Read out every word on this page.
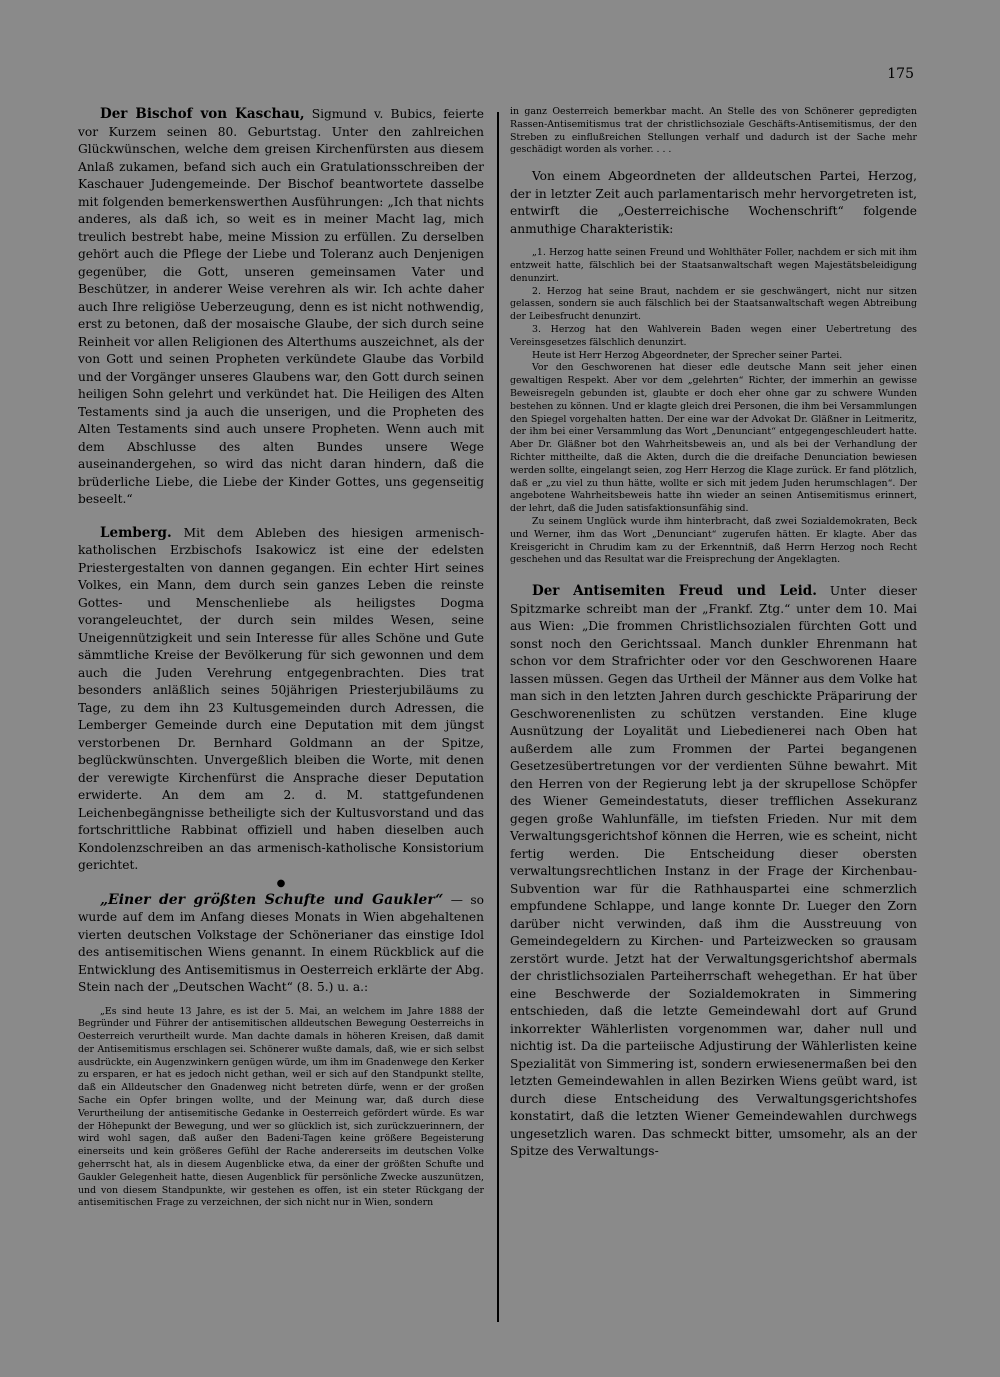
175

Der Bischof von Kaschau, Sigmund v. Bubics, feierte vor Kurzem seinen 80. Geburtstag. Unter den zahlreichen Glückwünschen, welche dem greisen Kirchenfürsten aus diesem Anlaß zukamen, befand sich auch ein Gratulationsschreiben der Kaschauer Judengemeinde. Der Bischof beantwortete dasselbe mit folgenden bemerkenswerthen Ausführungen: „Ich that nichts anderes, als daß ich, so weit es in meiner Macht lag, mich treulich bestrebt habe, meine Mission zu erfüllen. Zu derselben gehört auch die Pflege der Liebe und Toleranz auch Denjenigen gegenüber, die Gott, unseren gemeinsamen Vater und Beschützer, in anderer Weise verehren als wir. Ich achte daher auch Ihre religiöse Ueberzeugung, denn es ist nicht nothwendig, erst zu betonen, daß der mosaische Glaube, der sich durch seine Reinheit vor allen Religionen des Alterthums auszeichnet, als der von Gott und seinen Propheten verkündete Glaube das Vorbild und der Vorgänger unseres Glaubens war, den Gott durch seinen heiligen Sohn gelehrt und verkündet hat. Die Heiligen des Alten Testaments sind ja auch die unserigen, und die Propheten des Alten Testaments sind auch unsere Propheten. Wenn auch mit dem Abschlusse des alten Bundes unsere Wege auseinandergehen, so wird das nicht daran hindern, daß die brüderliche Liebe, die Liebe der Kinder Gottes, uns gegenseitig beseelt.“

Lemberg. Mit dem Ableben des hiesigen armenisch-katholischen Erzbischofs Isakowicz ist eine der edelsten Priestergestalten von dannen gegangen. Ein echter Hirt seines Volkes, ein Mann, dem durch sein ganzes Leben die reinste Gottes- und Menschenliebe als heiligstes Dogma vorangeleuchtet, der durch sein mildes Wesen, seine Uneigennützigkeit und sein Interesse für alles Schöne und Gute sämmtliche Kreise der Bevölkerung für sich gewonnen und dem auch die Juden Verehrung entgegenbrachten. Dies trat besonders anläßlich seines 50jährigen Priesterjubiläums zu Tage, zu dem ihn 23 Kultusgemeinden durch Adressen, die Lemberger Gemeinde durch eine Deputation mit dem jüngst verstorbenen Dr. Bernhard Goldmann an der Spitze, beglückwünschten. Unvergeßlich bleiben die Worte, mit denen der verewigte Kirchenfürst die Ansprache dieser Deputation erwiderte. An dem am 2. d. M. stattgefundenen Leichenbegängnisse betheiligte sich der Kultusvorstand und das fortschrittliche Rabbinat offiziell und haben dieselben auch Kondolenzschreiben an das armenisch-katholische Konsistorium gerichtet.

●

„Einer der größten Schufte und Gaukler“ — so wurde auf dem im Anfang dieses Monats in Wien abgehaltenen vierten deutschen Volkstage der Schönerianer das einstige Idol des antisemitischen Wiens genannt. In einem Rückblick auf die Entwicklung des Antisemitismus in Oesterreich erklärte der Abg. Stein nach der „Deutschen Wacht“ (8. 5.) u. a.:

„Es sind heute 13 Jahre, es ist der 5. Mai, an welchem im Jahre 1888 der Begründer und Führer der antisemitischen alldeutschen Bewegung Oesterreichs in Oesterreich verurtheilt wurde. Man dachte damals in höheren Kreisen, daß damit der Antisemitismus erschlagen sei. Schönerer wußte damals, daß, wie er sich selbst ausdrückte, ein Augenzwinkern genügen würde, um ihm im Gnadenwege den Kerker zu ersparen, er hat es jedoch nicht gethan, weil er sich auf den Standpunkt stellte, daß ein Alldeutscher den Gnadenweg nicht betreten dürfe, wenn er der großen Sache ein Opfer bringen wollte, und der Meinung war, daß durch diese Verurtheilung der antisemitische Gedanke in Oesterreich gefördert würde. Es war der Höhepunkt der Bewegung, und wer so glücklich ist, sich zurückzuerinnern, der wird wohl sagen, daß außer den Badeni-Tagen keine größere Begeisterung einerseits und kein größeres Gefühl der Rache andererseits im deutschen Volke geherrscht hat, als in diesem Augenblicke etwa, da einer der größten Schufte und Gaukler Gelegenheit hatte, diesen Augenblick für persönliche Zwecke auszunützen, und von diesem Standpunkte, wir gestehen es offen, ist ein steter Rückgang der antisemitischen Frage zu verzeichnen, der sich nicht nur in Wien, sondern

in ganz Oesterreich bemerkbar macht. An Stelle des von Schönerer gepredigten Rassen-Antisemitismus trat der christlichsoziale Geschäfts-Antisemitismus, der den Streben zu einflußreichen Stellungen verhalf und dadurch ist der Sache mehr geschädigt worden als vorher. . . .

Von einem Abgeordneten der alldeutschen Partei, Herzog, der in letzter Zeit auch parlamentarisch mehr hervorgetreten ist, entwirft die „Oesterreichische Wochenschrift“ folgende anmuthige Charakteristik:

„1. Herzog hatte seinen Freund und Wohlthäter Foller, nachdem er sich mit ihm entzweit hatte, fälschlich bei der Staatsanwaltschaft wegen Majestätsbeleidigung denunzirt.

2. Herzog hat seine Braut, nachdem er sie geschwängert, nicht nur sitzen gelassen, sondern sie auch fälschlich bei der Staatsanwaltschaft wegen Abtreibung der Leibesfrucht denunzirt.

3. Herzog hat den Wahlverein Baden wegen einer Uebertretung des Vereinsgesetzes fälschlich denunzirt.

Heute ist Herr Herzog Abgeordneter, der Sprecher seiner Partei.

Vor den Geschworenen hat dieser edle deutsche Mann seit jeher einen gewaltigen Respekt. Aber vor dem „gelehrten“ Richter, der immerhin an gewisse Beweisregeln gebunden ist, glaubte er doch eher ohne gar zu schwere Wunden bestehen zu können. Und er klagte gleich drei Personen, die ihm bei Versammlungen den Spiegel vorgehalten hatten. Der eine war der Advokat Dr. Gläßner in Leitmeritz, der ihm bei einer Versammlung das Wort „Denunciant“ entgegengeschleudert hatte. Aber Dr. Gläßner bot den Wahrheitsbeweis an, und als bei der Verhandlung der Richter mittheilte, daß die Akten, durch die die dreifache Denunciation bewiesen werden sollte, eingelangt seien, zog Herr Herzog die Klage zurück. Er fand plötzlich, daß er „zu viel zu thun hätte, wollte er sich mit jedem Juden herumschlagen“. Der angebotene Wahrheitsbeweis hatte ihn wieder an seinen Antisemitismus erinnert, der lehrt, daß die Juden satisfaktionsunfähig sind.

Zu seinem Unglück wurde ihm hinterbracht, daß zwei Sozialdemokraten, Beck und Werner, ihm das Wort „Denunciant“ zugerufen hätten. Er klagte. Aber das Kreisgericht in Chrudim kam zu der Erkenntniß, daß Herrn Herzog noch Recht geschehen und das Resultat war die Freisprechung der Angeklagten.

Der Antisemiten Freud und Leid. Unter dieser Spitzmarke schreibt man der „Frankf. Ztg.“ unter dem 10. Mai aus Wien: „Die frommen Christlichsozialen fürchten Gott und sonst noch den Gerichtssaal. Manch dunkler Ehrenmann hat schon vor dem Strafrichter oder vor den Geschworenen Haare lassen müssen. Gegen das Urtheil der Männer aus dem Volke hat man sich in den letzten Jahren durch geschickte Präparirung der Geschworenenlisten zu schützen verstanden. Eine kluge Ausnützung der Loyalität und Liebedienerei nach Oben hat außerdem alle zum Frommen der Partei begangenen Gesetzesübertretungen vor der verdienten Sühne bewahrt. Mit den Herren von der Regierung lebt ja der skrupellose Schöpfer des Wiener Gemeindestatuts, dieser trefflichen Assekuranz gegen große Wahlunfälle, im tiefsten Frieden. Nur mit dem Verwaltungsgerichtshof können die Herren, wie es scheint, nicht fertig werden. Die Entscheidung dieser obersten verwaltungsrechtlichen Instanz in der Frage der Kirchenbau-Subvention war für die Rathhauspartei eine schmerzlich empfundene Schlappe, und lange konnte Dr. Lueger den Zorn darüber nicht verwinden, daß ihm die Ausstreuung von Gemeindegeldern zu Kirchen- und Parteizwecken so grausam zerstört wurde. Jetzt hat der Verwaltungsgerichtshof abermals der christlichsozialen Parteiherrschaft wehegethan. Er hat über eine Beschwerde der Sozialdemokraten in Simmering entschieden, daß die letzte Gemeindewahl dort auf Grund inkorrekter Wählerlisten vorgenommen war, daher null und nichtig ist. Da die parteiische Adjustirung der Wählerlisten keine Spezialität von Simmering ist, sondern erwiesenermaßen bei den letzten Gemeindewahlen in allen Bezirken Wiens geübt ward, ist durch diese Entscheidung des Verwaltungsgerichtshofes konstatirt, daß die letzten Wiener Gemeindewahlen durchwegs ungesetzlich waren. Das schmeckt bitter, umsomehr, als an der Spitze des Verwaltungs-
